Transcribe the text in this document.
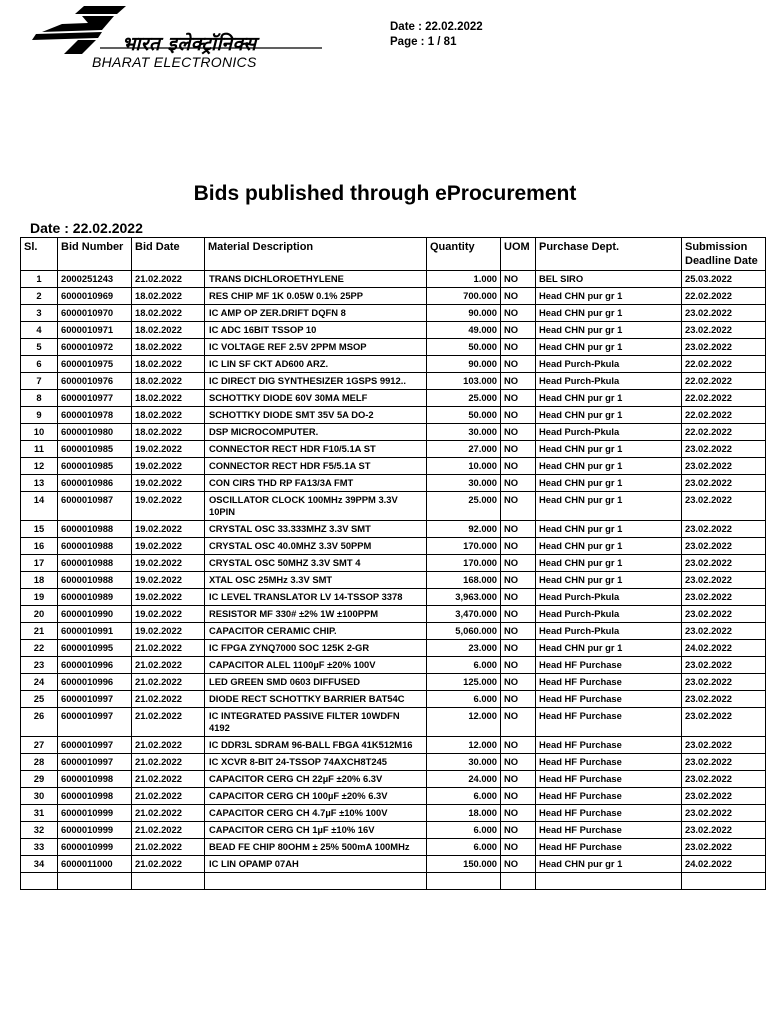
भारत इलेक्ट्रॉनिक्स
BHARAT ELECTRONICS
Date : 22.02.2022
Page : 1 / 81
Bids published through eProcurement
Date : 22.02.2022
Sl.	Bid Number	Bid Date	Material Description	Quantity	UOM	Purchase Dept.	Submission Deadline Date
1	2000251243	21.02.2022	TRANS DICHLOROETHYLENE	1.000	NO	BEL SIRO	25.03.2022
2	6000010969	18.02.2022	RES CHIP MF 1K 0.05W 0.1% 25PP	700.000	NO	Head CHN pur gr 1	22.02.2022
3	6000010970	18.02.2022	IC AMP OP ZER.DRIFT DQFN 8	90.000	NO	Head CHN pur gr 1	23.02.2022
4	6000010971	18.02.2022	IC ADC 16BIT TSSOP 10	49.000	NO	Head CHN pur gr 1	23.02.2022
5	6000010972	18.02.2022	IC VOLTAGE REF 2.5V 2PPM MSOP	50.000	NO	Head CHN pur gr 1	23.02.2022
6	6000010975	18.02.2022	IC LIN SF CKT AD600 ARZ.	90.000	NO	Head Purch-Pkula	22.02.2022
7	6000010976	18.02.2022	IC DIRECT DIG SYNTHESIZER 1GSPS 9912..	103.000	NO	Head Purch-Pkula	22.02.2022
8	6000010977	18.02.2022	SCHOTTKY DIODE 60V 30MA MELF	25.000	NO	Head CHN pur gr 1	22.02.2022
9	6000010978	18.02.2022	SCHOTTKY DIODE SMT 35V 5A DO-2	50.000	NO	Head CHN pur gr 1	22.02.2022
10	6000010980	18.02.2022	DSP MICROCOMPUTER.	30.000	NO	Head Purch-Pkula	22.02.2022
11	6000010985	19.02.2022	CONNECTOR RECT HDR F10/5.1A ST	27.000	NO	Head CHN pur gr 1	23.02.2022
12	6000010985	19.02.2022	CONNECTOR RECT HDR F5/5.1A ST	10.000	NO	Head CHN pur gr 1	23.02.2022
13	6000010986	19.02.2022	CON CIRS THD RP FA13/3A FMT	30.000	NO	Head CHN pur gr 1	23.02.2022
14	6000010987	19.02.2022	OSCILLATOR CLOCK 100MHz 39PPM 3.3V 10PIN	25.000	NO	Head CHN pur gr 1	23.02.2022
15	6000010988	19.02.2022	CRYSTAL OSC 33.333MHZ 3.3V SMT	92.000	NO	Head CHN pur gr 1	23.02.2022
16	6000010988	19.02.2022	CRYSTAL OSC 40.0MHZ 3.3V 50PPM	170.000	NO	Head CHN pur gr 1	23.02.2022
17	6000010988	19.02.2022	CRYSTAL OSC 50MHZ 3.3V SMT 4	170.000	NO	Head CHN pur gr 1	23.02.2022
18	6000010988	19.02.2022	XTAL OSC 25MHz 3.3V SMT	168.000	NO	Head CHN pur gr 1	23.02.2022
19	6000010989	19.02.2022	IC LEVEL TRANSLATOR LV 14-TSSOP 3378	3,963.000	NO	Head Purch-Pkula	23.02.2022
20	6000010990	19.02.2022	RESISTOR MF 330# ±2% 1W ±100PPM	3,470.000	NO	Head Purch-Pkula	23.02.2022
21	6000010991	19.02.2022	CAPACITOR CERAMIC CHIP.	5,060.000	NO	Head Purch-Pkula	23.02.2022
22	6000010995	21.02.2022	IC FPGA ZYNQ7000 SOC 125K 2-GR	23.000	NO	Head CHN pur gr 1	24.02.2022
23	6000010996	21.02.2022	CAPACITOR ALEL 1100µF ±20% 100V	6.000	NO	Head HF Purchase	23.02.2022
24	6000010996	21.02.2022	LED GREEN SMD 0603 DIFFUSED	125.000	NO	Head HF Purchase	23.02.2022
25	6000010997	21.02.2022	DIODE RECT SCHOTTKY BARRIER BAT54C	6.000	NO	Head HF Purchase	23.02.2022
26	6000010997	21.02.2022	IC INTEGRATED PASSIVE FILTER 10WDFN 4192	12.000	NO	Head HF Purchase	23.02.2022
27	6000010997	21.02.2022	IC DDR3L SDRAM 96-BALL FBGA 41K512M16	12.000	NO	Head HF Purchase	23.02.2022
28	6000010997	21.02.2022	IC XCVR 8-BIT 24-TSSOP 74AXCH8T245	30.000	NO	Head HF Purchase	23.02.2022
29	6000010998	21.02.2022	CAPACITOR CERG CH 22µF ±20% 6.3V	24.000	NO	Head HF Purchase	23.02.2022
30	6000010998	21.02.2022	CAPACITOR CERG CH 100µF ±20% 6.3V	6.000	NO	Head HF Purchase	23.02.2022
31	6000010999	21.02.2022	CAPACITOR CERG CH 4.7µF ±10% 100V	18.000	NO	Head HF Purchase	23.02.2022
32	6000010999	21.02.2022	CAPACITOR CERG CH 1µF ±10% 16V	6.000	NO	Head HF Purchase	23.02.2022
33	6000010999	21.02.2022	BEAD FE CHIP 80OHM ± 25% 500mA 100MHz	6.000	NO	Head HF Purchase	23.02.2022
34	6000011000	21.02.2022	IC LIN OPAMP 07AH	150.000	NO	Head CHN pur gr 1	24.02.2022
